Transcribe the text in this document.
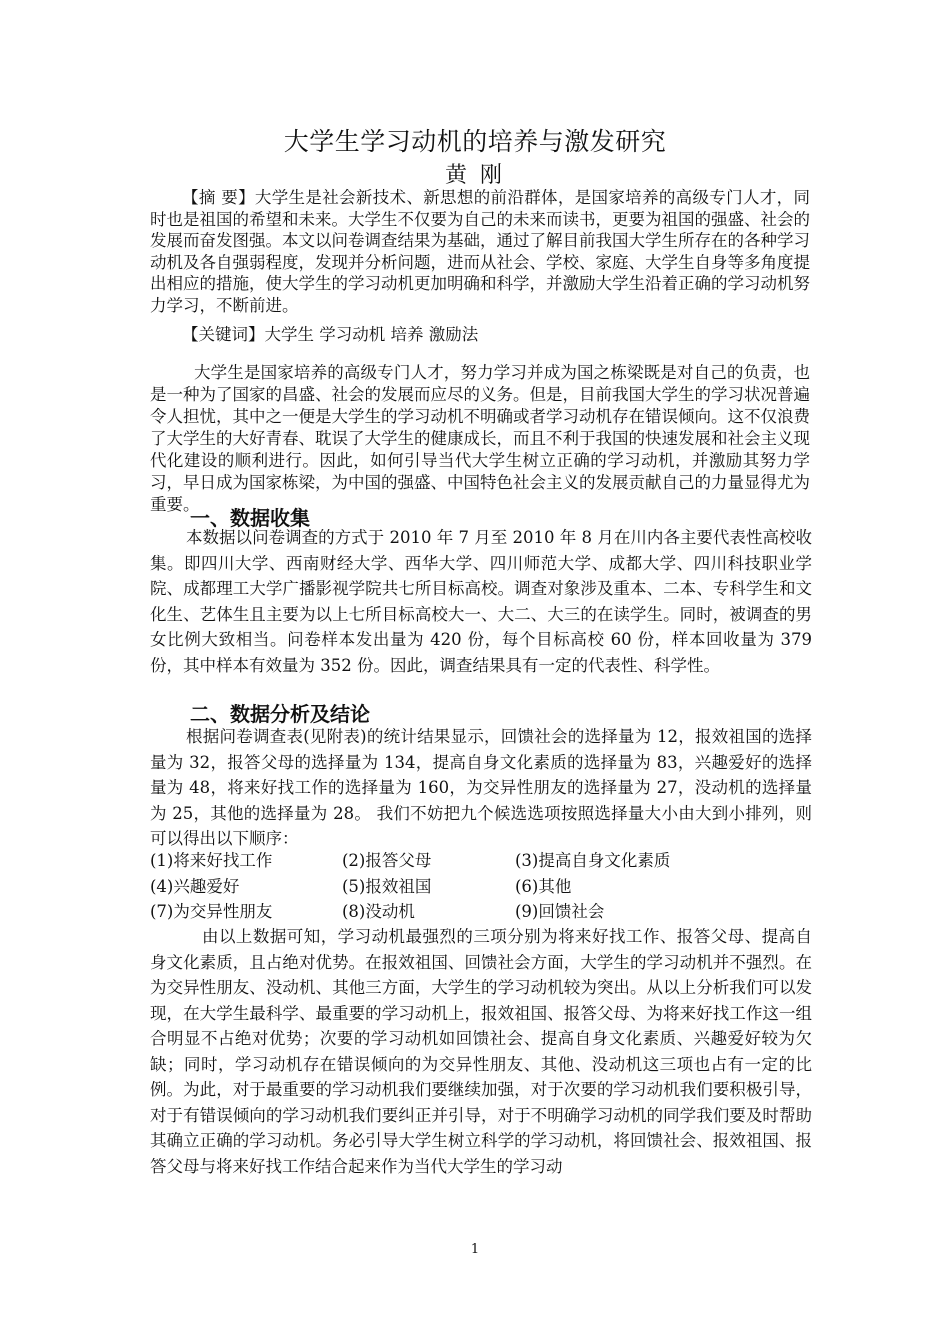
大学生学习动机的培养与激发研究
黄 刚

【摘 要】大学生是社会新技术、新思想的前沿群体，是国家培养的高级专门人才，同时也是祖国的希望和未来。大学生不仅要为自己的未来而读书，更要为祖国的强盛、社会的发展而奋发图强。本文以问卷调查结果为基础，通过了解目前我国大学生所存在的各种学习动机及各自强弱程度，发现并分析问题，进而从社会、学校、家庭、大学生自身等多角度提出相应的措施，使大学生的学习动机更加明确和科学，并激励大学生沿着正确的学习动机努力学习，不断前进。

【关键词】大学生 学习动机 培养 激励法

大学生是国家培养的高级专门人才，努力学习并成为国之栋梁既是对自己的负责，也是一种为了国家的昌盛、社会的发展而应尽的义务。但是，目前我国大学生的学习状况普遍令人担忧，其中之一便是大学生的学习动机不明确或者学习动机存在错误倾向。这不仅浪费了大学生的大好青春、耽误了大学生的健康成长，而且不利于我国的快速发展和社会主义现代化建设的顺利进行。因此，如何引导当代大学生树立正确的学习动机，并激励其努力学习，早日成为国家栋梁，为中国的强盛、中国特色社会主义的发展贡献自己的力量显得尤为重要。

一、数据收集

本数据以问卷调查的方式于 2010 年 7 月至 2010 年 8 月在川内各主要代表性高校收集。即四川大学、西南财经大学、西华大学、四川师范大学、成都大学、四川科技职业学院、成都理工大学广播影视学院共七所目标高校。调查对象涉及重本、二本、专科学生和文化生、艺体生且主要为以上七所目标高校大一、大二、大三的在读学生。同时，被调查的男女比例大致相当。问卷样本发出量为 420 份，每个目标高校 60 份，样本回收量为 379 份，其中样本有效量为 352 份。因此，调查结果具有一定的代表性、科学性。

二、数据分析及结论

根据问卷调查表(见附表)的统计结果显示，回馈社会的选择量为 12，报效祖国的选择量为 32，报答父母的选择量为 134，提高自身文化素质的选择量为 83，兴趣爱好的选择量为 48，将来好找工作的选择量为 160，为交异性朋友的选择量为 27，没动机的选择量为 25，其他的选择量为 28。 我们不妨把九个候选选项按照选择量大小由大到小排列，则可以得出以下顺序：

(1)将来好找工作	(2)报答父母	(3)提高自身文化素质
(4)兴趣爱好	(5)报效祖国	(6)其他
(7)为交异性朋友	(8)没动机	(9)回馈社会

由以上数据可知，学习动机最强烈的三项分别为将来好找工作、报答父母、提高自身文化素质，且占绝对优势。在报效祖国、回馈社会方面，大学生的学习动机并不强烈。在为交异性朋友、没动机、其他三方面，大学生的学习动机较为突出。从以上分析我们可以发现，在大学生最科学、最重要的学习动机上，报效祖国、报答父母、为将来好找工作这一组合明显不占绝对优势；次要的学习动机如回馈社会、提高自身文化素质、兴趣爱好较为欠缺；同时，学习动机存在错误倾向的为交异性朋友、其他、没动机这三项也占有一定的比例。为此，对于最重要的学习动机我们要继续加强，对于次要的学习动机我们要积极引导，对于有错误倾向的学习动机我们要纠正并引导，对于不明确学习动机的同学我们要及时帮助其确立正确的学习动机。务必引导大学生树立科学的学习动机，将回馈社会、报效祖国、报答父母与将来好找工作结合起来作为当代大学生的学习动

1
